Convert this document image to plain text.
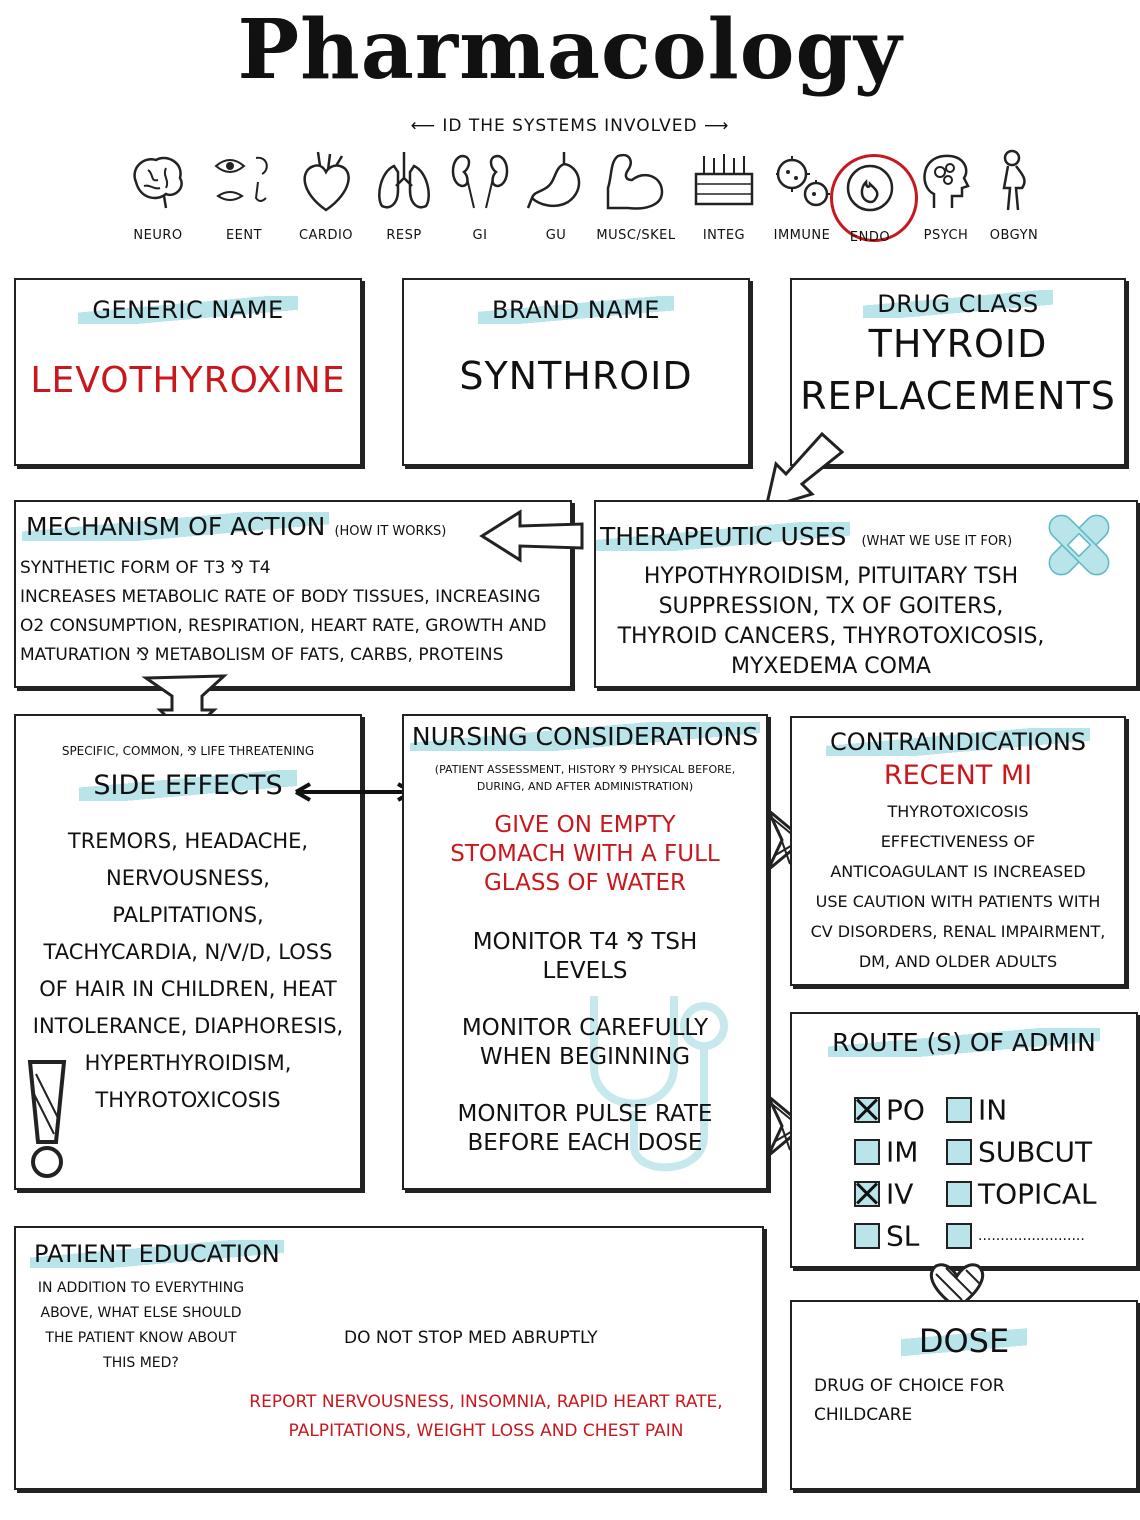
Pharmacology
⟵ ID THE SYSTEMS INVOLVED ⟶
NEURO	EENT	CARDIO	RESP	GI	GU	MUSC/SKEL	INTEG	IMMUNE	ENDO	PSYCH	OBGYN
GENERIC NAME
LEVOTHYROXINE
BRAND NAME
SYNTHROID
DRUG CLASS
THYROID
REPLACEMENTS
MECHANISM OF ACTION (HOW IT WORKS)
SYNTHETIC FORM OF T3 ⅋ T4
INCREASES METABOLIC RATE OF BODY TISSUES, INCREASING
O2 CONSUMPTION, RESPIRATION, HEART RATE, GROWTH AND
MATURATION ⅋ METABOLISM OF FATS, CARBS, PROTEINS
THERAPEUTIC USES (WHAT WE USE IT FOR)
HYPOTHYROIDISM, PITUITARY TSH
SUPPRESSION, TX OF GOITERS,
THYROID CANCERS, THYROTOXICOSIS,
MYXEDEMA COMA
SPECIFIC, COMMON, ⅋ LIFE THREATENING
SIDE EFFECTS
TREMORS, HEADACHE,
NERVOUSNESS,
PALPITATIONS,
TACHYCARDIA, N/V/D, LOSS
OF HAIR IN CHILDREN, HEAT
INTOLERANCE, DIAPHORESIS,
HYPERTHYROIDISM,
THYROTOXICOSIS
NURSING CONSIDERATIONS
(PATIENT ASSESSMENT, HISTORY ⅋ PHYSICAL BEFORE,
DURING, AND AFTER ADMINISTRATION)
GIVE ON EMPTY
STOMACH WITH A FULL
GLASS OF WATER
MONITOR T4 ⅋ TSH
LEVELS
MONITOR CAREFULLY
WHEN BEGINNING
MONITOR PULSE RATE
BEFORE EACH DOSE
CONTRAINDICATIONS
RECENT MI
THYROTOXICOSIS
EFFECTIVENESS OF
ANTICOAGULANT IS INCREASED
USE CAUTION WITH PATIENTS WITH
CV DISORDERS, RENAL IMPAIRMENT,
DM, AND OLDER ADULTS
ROUTE (S) OF ADMIN
PO	IN
IM	SUBCUT
IV	TOPICAL
SL	........................
PATIENT EDUCATION
IN ADDITION TO EVERYTHING
ABOVE, WHAT ELSE SHOULD
THE PATIENT KNOW ABOUT
THIS MED?
DO NOT STOP MED ABRUPTLY
REPORT NERVOUSNESS, INSOMNIA, RAPID HEART RATE,
PALPITATIONS, WEIGHT LOSS AND CHEST PAIN
DOSE
DRUG OF CHOICE FOR
CHILDCARE
